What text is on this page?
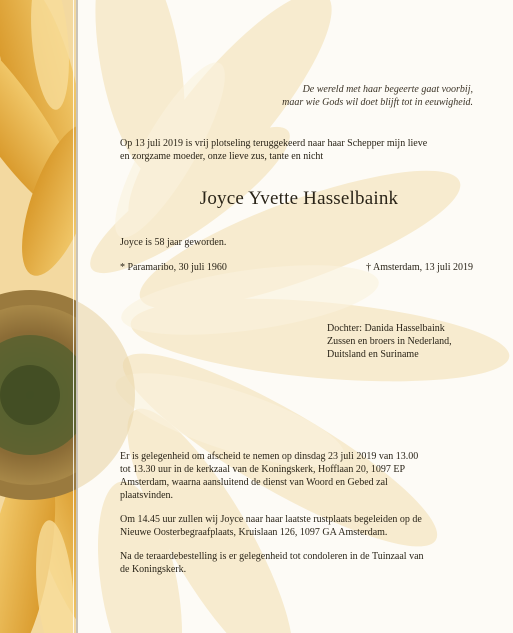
De wereld met haar begeerte gaat voorbij,
maar wie Gods wil doet blijft tot in eeuwigheid.
Op 13 juli 2019 is vrij plotseling teruggekeerd naar haar Schepper mijn lieve
en zorgzame moeder, onze lieve zus, tante en nicht
Joyce Yvette Hasselbaink
Joyce is 58 jaar geworden.
* Paramaribo, 30 juli 1960	† Amsterdam, 13 juli 2019
Dochter: Danida Hasselbaink
Zussen en broers in Nederland,
Duitsland en Suriname
Er is gelegenheid om afscheid te nemen op dinsdag 23 juli 2019 van 13.00
tot 13.30 uur in de kerkzaal van de Koningskerk, Hofflaan 20, 1097 EP
Amsterdam, waarna aansluitend de dienst van Woord en Gebed zal
plaatsvinden.
Om 14.45 uur zullen wij Joyce naar haar laatste rustplaats begeleiden op de
Nieuwe Oosterbegraafplaats, Kruislaan 126, 1097 GA Amsterdam.
Na de teraardebestelling is er gelegenheid tot condoleren in de Tuinzaal van
de Koningskerk.
